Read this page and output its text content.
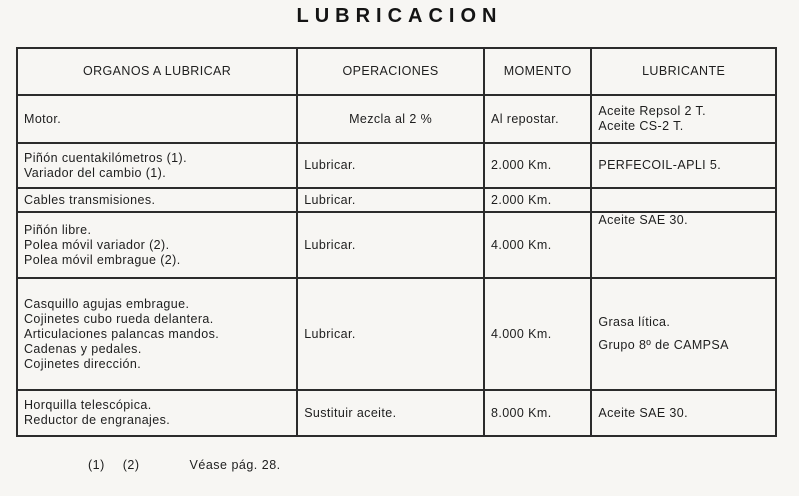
LUBRICACION
ORGANOS A LUBRICAR	OPERACIONES	MOMENTO	LUBRICANTE

Motor.	Mezcla al 2 %	Al repostar.	Aceite Repsol 2 T.
Aceite CS-2 T.

Piñón cuentakilómetros (1).
Variador del cambio (1).	Lubricar.	2.000 Km.	PERFECOIL-APLI 5.

Cables transmisiones.	Lubricar.	2.000 Km.	

Piñón libre.
Polea móvil variador (2).
Polea móvil embrague (2).	Lubricar.	4.000 Km.	Aceite SAE 30.

Casquillo agujas embrague.
Cojinetes cubo rueda delantera.
Articulaciones palancas mandos.
Cadenas y pedales.
Cojinetes dirección.	Lubricar.	4.000 Km.	Grasa lítica.
Grupo 8º de CAMPSA

Horquilla telescópica.
Reductor de engranajes.	Sustituir aceite.	8.000 Km.	Aceite SAE 30.
(1) (2)	Véase pág. 28.
